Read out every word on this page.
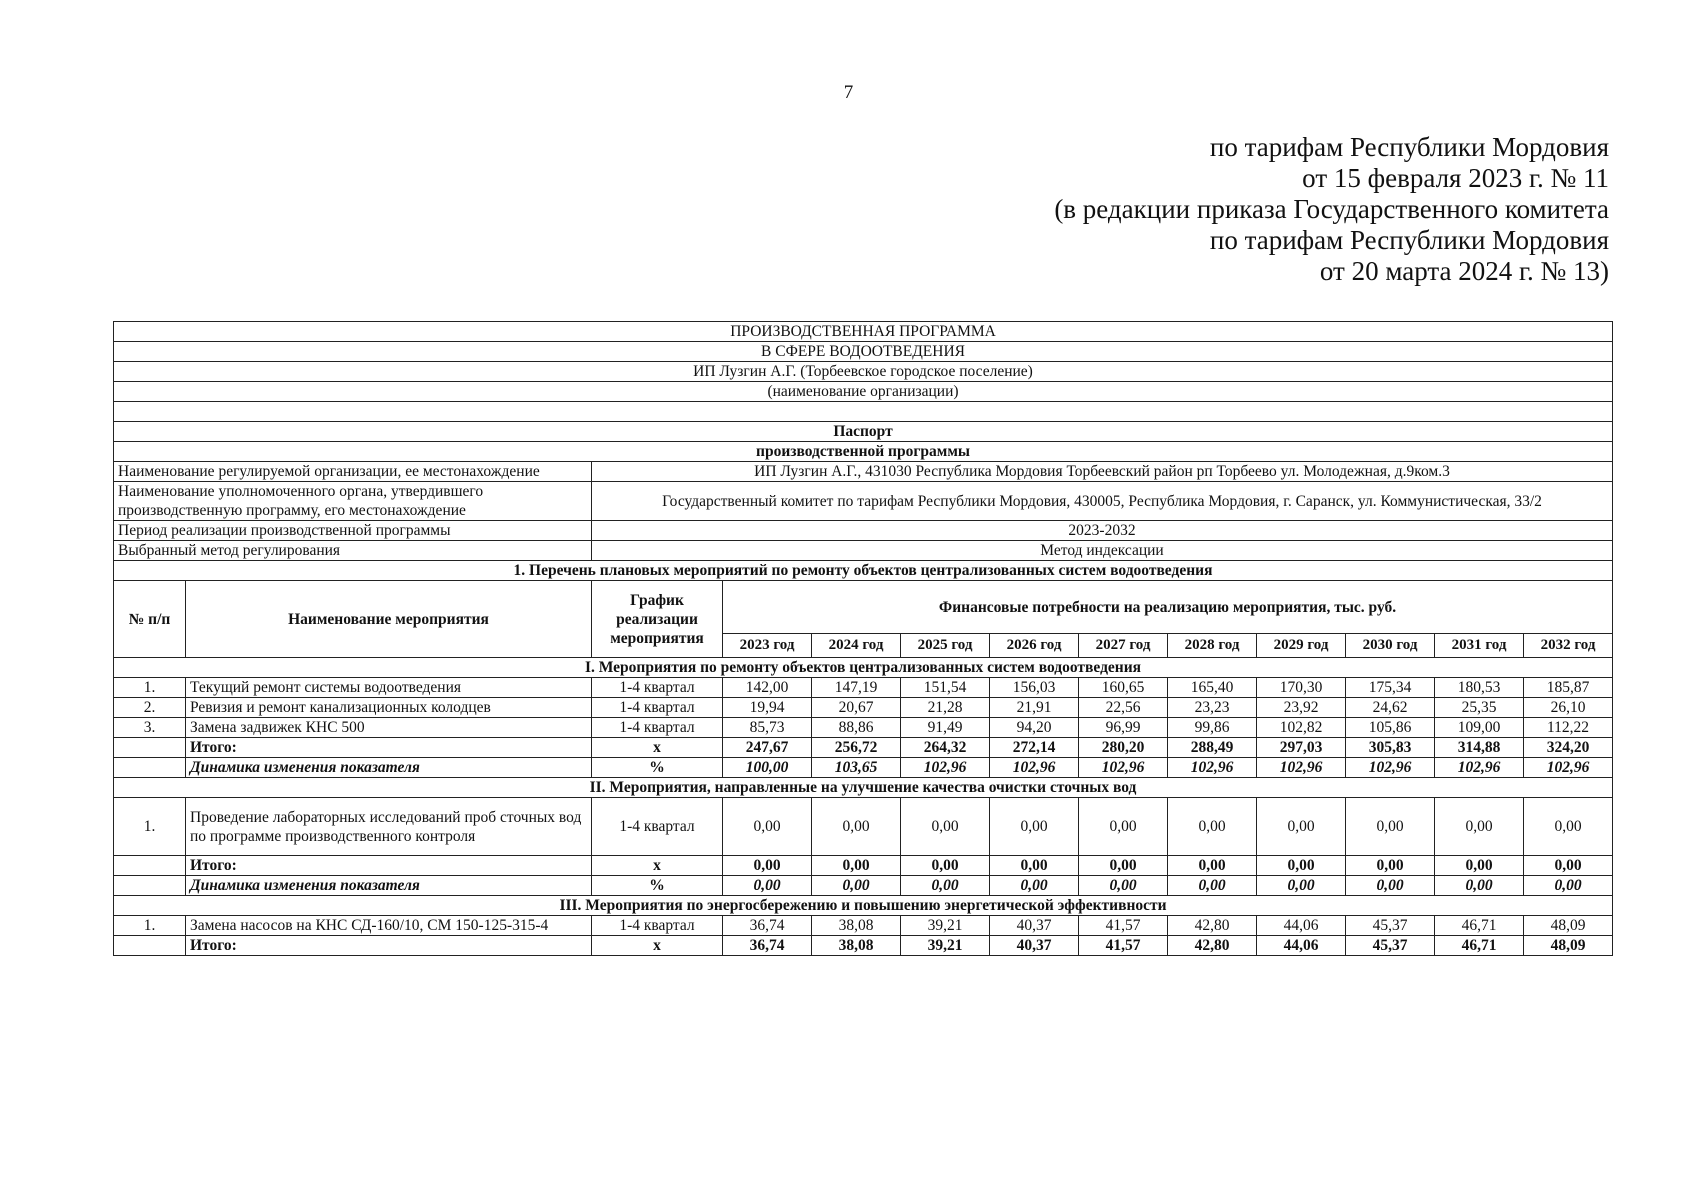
7
по тарифам Республики Мордовия
от 15 февраля 2023 г. № 11
(в редакции приказа Государственного комитета
по тарифам Республики Мордовия
от 20 марта 2024 г. № 13)
ПРОИЗВОДСТВЕННАЯ ПРОГРАММА												
В СФЕРЕ ВОДООТВЕДЕНИЯ												
ИП Лузгин А.Г. (Торбеевское городское поселение)												
(наименование организации)												

Паспорт												
производственной программы												
Наименование регулируемой организации, ее местонахождение		ИП Лузгин А.Г., 431030 Республика Мордовия Торбеевский район рп Торбеево ул. Молодежная, д.9ком.3										
Наименование уполномоченного органа, утвердившего производственную программу, его местонахождение		Государственный комитет по тарифам Республики Мордовия, 430005, Республика Мордовия, г. Саранск, ул. Коммунистическая, 33/2										
Период реализации производственной программы		2023-2032										
Выбранный метод регулирования		Метод индексации										
1. Перечень плановых мероприятий по ремонту объектов централизованных систем водоотведения												
№ п/п	Наименование мероприятия	График реализации мероприятия	Финансовые потребности на реализацию мероприятия, тыс. руб.									
			2023 год	2024 год	2025 год	2026 год	2027 год	2028 год	2029 год	2030 год	2031 год	2032 год
I. Мероприятия по ремонту объектов централизованных систем водоотведения												
1.	Текущий ремонт системы водоотведения	1-4 квартал	142,00	147,19	151,54	156,03	160,65	165,40	170,30	175,34	180,53	185,87
2.	Ревизия и ремонт канализационных колодцев	1-4 квартал	19,94	20,67	21,28	21,91	22,56	23,23	23,92	24,62	25,35	26,10
3.	Замена задвижек КНС 500	1-4 квартал	85,73	88,86	91,49	94,20	96,99	99,86	102,82	105,86	109,00	112,22
	Итого:	х	247,67	256,72	264,32	272,14	280,20	288,49	297,03	305,83	314,88	324,20
	Динамика изменения показателя	%	100,00	103,65	102,96	102,96	102,96	102,96	102,96	102,96	102,96	102,96
II. Мероприятия, направленные на улучшение качества очистки сточных вод												
1.	Проведение лабораторных исследований проб сточных вод по программе производственного контроля	1-4 квартал	0,00	0,00	0,00	0,00	0,00	0,00	0,00	0,00	0,00	0,00
	Итого:	х	0,00	0,00	0,00	0,00	0,00	0,00	0,00	0,00	0,00	0,00
	Динамика изменения показателя	%	0,00	0,00	0,00	0,00	0,00	0,00	0,00	0,00	0,00	0,00
III. Мероприятия по энергосбережению и повышению энергетической эффективности												
1.	Замена насосов на КНС СД-160/10, СМ 150-125-315-4	1-4 квартал	36,74	38,08	39,21	40,37	41,57	42,80	44,06	45,37	46,71	48,09
	Итого:	х	36,74	38,08	39,21	40,37	41,57	42,80	44,06	45,37	46,71	48,09
